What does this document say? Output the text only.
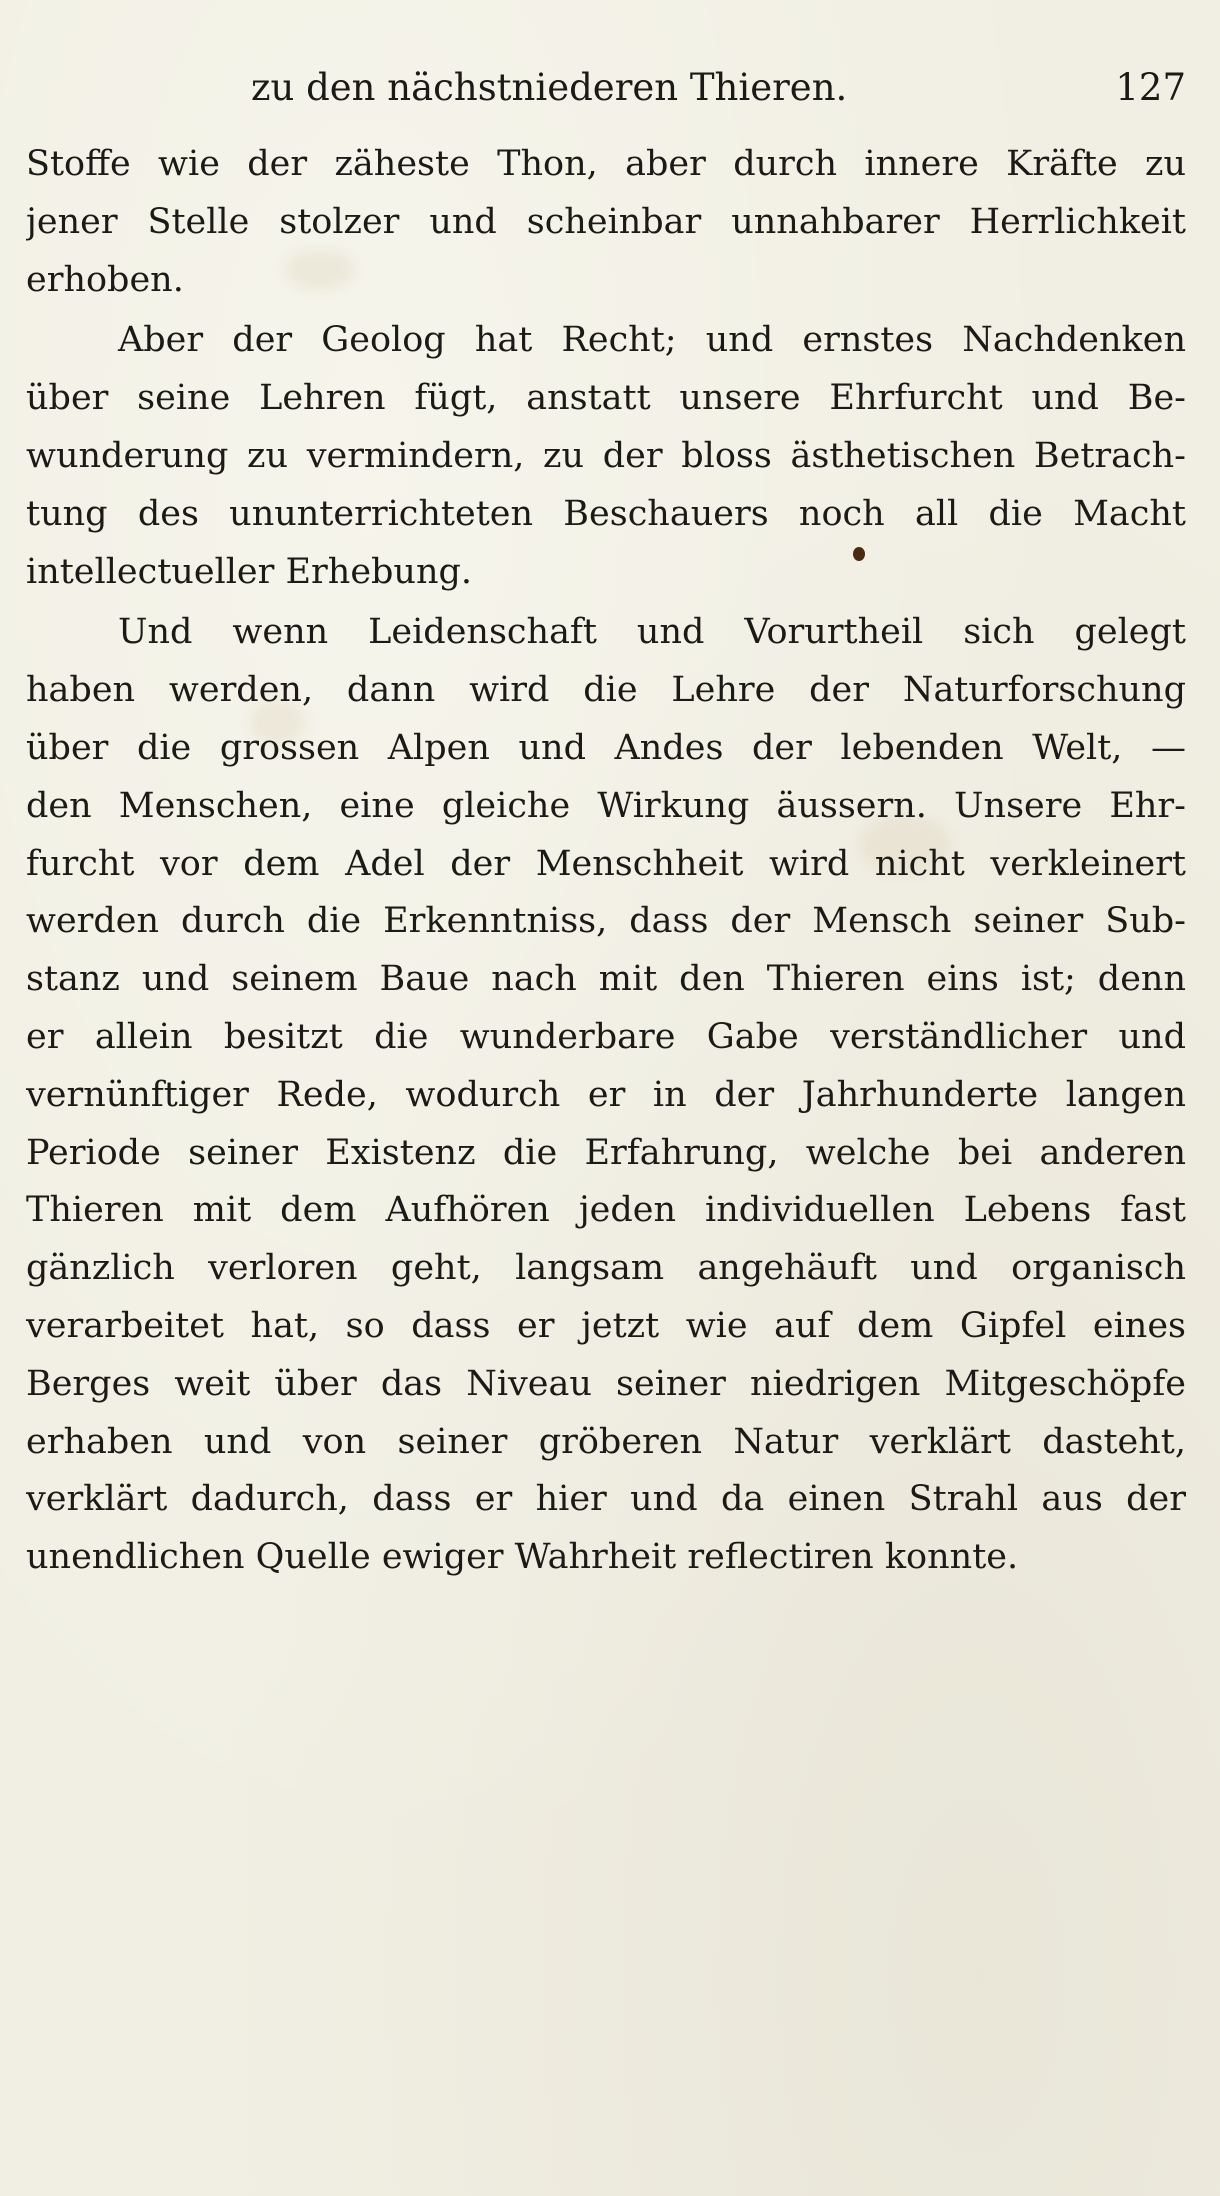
zu den nächstniederen Thieren.	127
Stoffe wie der zäheste Thon, aber durch innere Kräfte zu
jener Stelle stolzer und scheinbar unnahbarer Herrlichkeit
erhoben.
Aber der Geolog hat Recht; und ernstes Nachdenken
über seine Lehren fügt, anstatt unsere Ehrfurcht und Be-
wunderung zu vermindern, zu der bloss ästhetischen Betrach-
tung des ununterrichteten Beschauers noch all die Macht
intellectueller Erhebung.
Und wenn Leidenschaft und Vorurtheil sich gelegt
haben werden, dann wird die Lehre der Naturforschung
über die grossen Alpen und Andes der lebenden Welt, —
den Menschen, eine gleiche Wirkung äussern. Unsere Ehr-
furcht vor dem Adel der Menschheit wird nicht verkleinert
werden durch die Erkenntniss, dass der Mensch seiner Sub-
stanz und seinem Baue nach mit den Thieren eins ist; denn
er allein besitzt die wunderbare Gabe verständlicher und
vernünftiger Rede, wodurch er in der Jahrhunderte langen
Periode seiner Existenz die Erfahrung, welche bei anderen
Thieren mit dem Aufhören jeden individuellen Lebens fast
gänzlich verloren geht, langsam angehäuft und organisch
verarbeitet hat, so dass er jetzt wie auf dem Gipfel eines
Berges weit über das Niveau seiner niedrigen Mitgeschöpfe
erhaben und von seiner gröberen Natur verklärt dasteht,
verklärt dadurch, dass er hier und da einen Strahl aus der
unendlichen Quelle ewiger Wahrheit reflectiren konnte.
